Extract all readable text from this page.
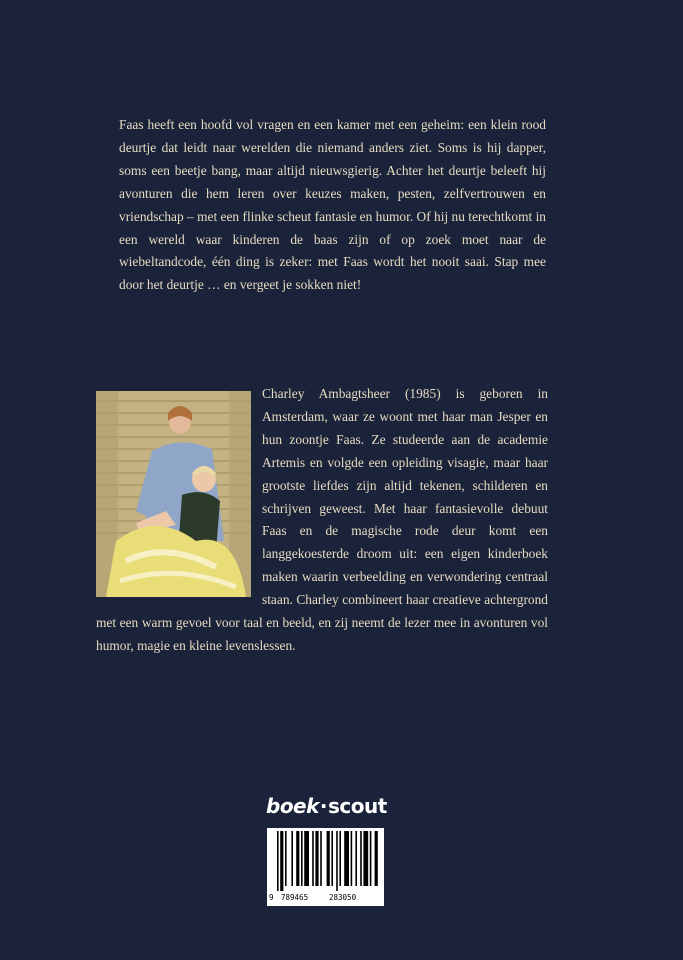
Faas heeft een hoofd vol vragen en een kamer met een geheim: een klein rood deurtje dat leidt naar werelden die niemand anders ziet. Soms is hij dapper, soms een beetje bang, maar altijd nieuwsgierig. Achter het deurtje beleeft hij avonturen die hem leren over keuzes maken, pesten, zelfvertrouwen en vriendschap – met een flinke scheut fantasie en humor. Of hij nu terechtkomt in een wereld waar kinderen de baas zijn of op zoek moet naar de wiebeltandcode, één ding is zeker: met Faas wordt het nooit saai. Stap mee door het deurtje … en vergeet je sokken niet!

Charley Ambagtsheer (1985) is geboren in Amsterdam, waar ze woont met haar man Jesper en hun zoontje Faas. Ze studeerde aan de academie Artemis en volgde een opleiding visagie, maar haar grootste liefdes zijn altijd tekenen, schilderen en schrijven geweest. Met haar fantasievolle debuut Faas en de magische rode deur komt een langgekoesterde droom uit: een eigen kinderboek maken waarin verbeelding en verwondering centraal staan. Charley combineert haar creatieve achtergrond met een warm gevoel voor taal en beeld, en zij neemt de lezer mee in avonturen vol humor, magie en kleine levenslessen.

boek·scout
9 789465	283050
